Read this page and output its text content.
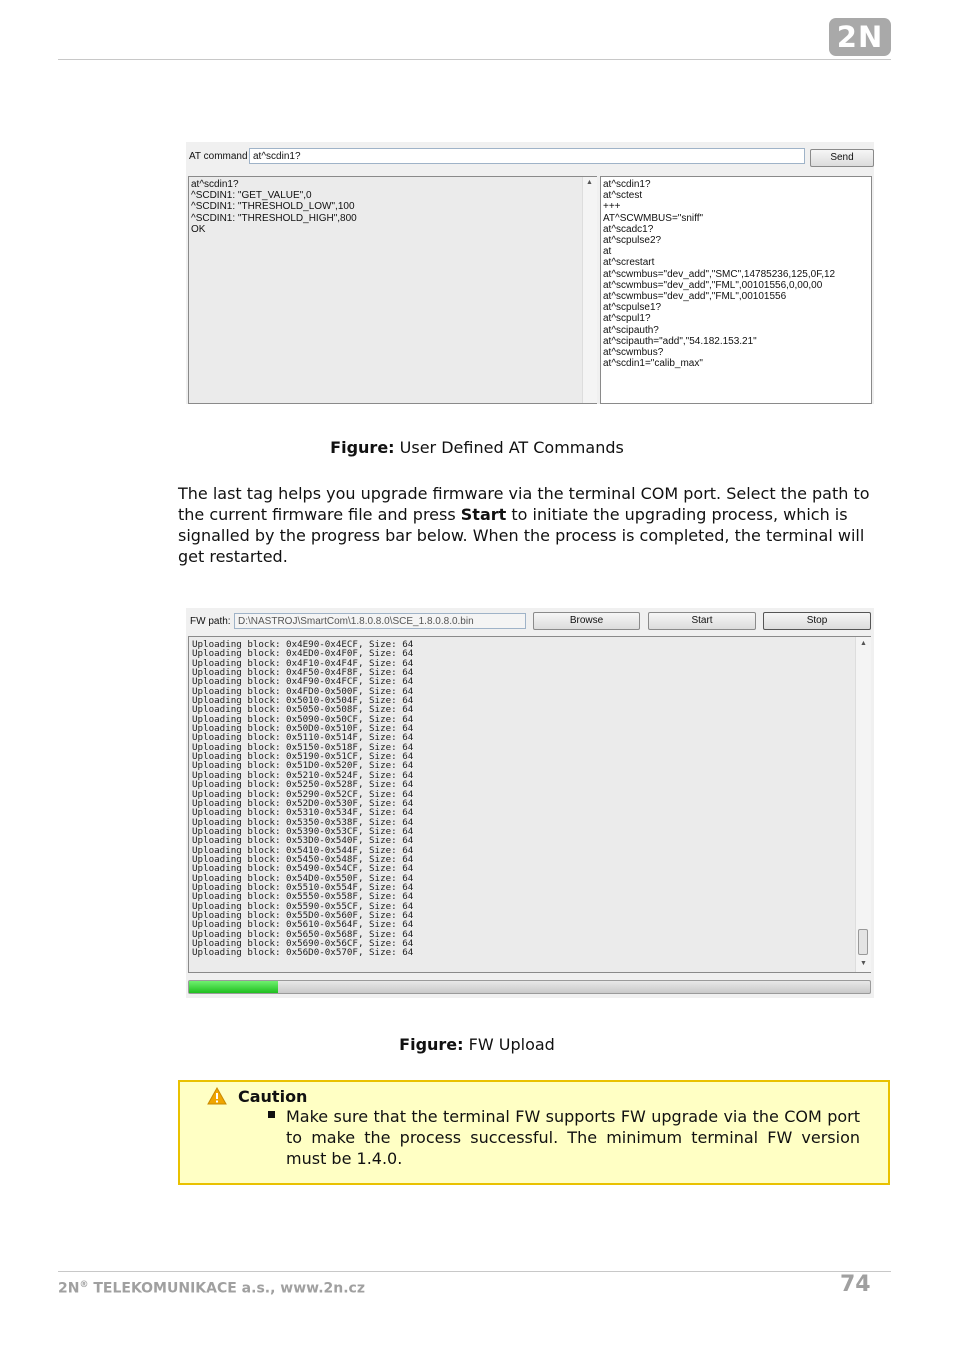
2N
AT command at^scdin1?	Send
at^scdin1?
^SCDIN1: "GET_VALUE",0
^SCDIN1: "THRESHOLD_LOW",100
^SCDIN1: "THRESHOLD_HIGH",800
OK
▲	at^scdin1?
at^sctest
+++
AT^SCWMBUS="sniff"
at^scadc1?
at^scpulse2?
at
at^screstart
at^scwmbus="dev_add","SMC",14785236,125,0F,12
at^scwmbus="dev_add","FML",00101556,0,00,00
at^scwmbus="dev_add","FML",00101556
at^scpulse1?
at^scpul1?
at^scipauth?
at^scipauth="add","54.182.153.21"
at^scwmbus?
at^scdin1="calib_max"
Figure: User Defined AT Commands
The last tag helps you upgrade firmware via the terminal COM port. Select the path to the current firmware file and press Start to initiate the upgrading process, which is signalled by the progress bar below. When the process is completed, the terminal will get restarted.
FW path: D:\NASTROJ\SmartCom\1.8.0.8.0\SCE_1.8.0.8.0.bin	Browse	Start	Stop
Uploading block: 0x4E90-0x4ECF, Size: 64
Uploading block: 0x4ED0-0x4F0F, Size: 64
Uploading block: 0x4F10-0x4F4F, Size: 64
Uploading block: 0x4F50-0x4F8F, Size: 64
Uploading block: 0x4F90-0x4FCF, Size: 64
Uploading block: 0x4FD0-0x500F, Size: 64
Uploading block: 0x5010-0x504F, Size: 64
Uploading block: 0x5050-0x508F, Size: 64
Uploading block: 0x5090-0x50CF, Size: 64
Uploading block: 0x50D0-0x510F, Size: 64
Uploading block: 0x5110-0x514F, Size: 64
Uploading block: 0x5150-0x518F, Size: 64
Uploading block: 0x5190-0x51CF, Size: 64
Uploading block: 0x51D0-0x520F, Size: 64
Uploading block: 0x5210-0x524F, Size: 64
Uploading block: 0x5250-0x528F, Size: 64
Uploading block: 0x5290-0x52CF, Size: 64
Uploading block: 0x52D0-0x530F, Size: 64
Uploading block: 0x5310-0x534F, Size: 64
Uploading block: 0x5350-0x538F, Size: 64
Uploading block: 0x5390-0x53CF, Size: 64
Uploading block: 0x53D0-0x540F, Size: 64
Uploading block: 0x5410-0x544F, Size: 64
Uploading block: 0x5450-0x548F, Size: 64
Uploading block: 0x5490-0x54CF, Size: 64
Uploading block: 0x54D0-0x550F, Size: 64
Uploading block: 0x5510-0x554F, Size: 64
Uploading block: 0x5550-0x558F, Size: 64
Uploading block: 0x5590-0x55CF, Size: 64
Uploading block: 0x55D0-0x560F, Size: 64
Uploading block: 0x5610-0x564F, Size: 64
Uploading block: 0x5650-0x568F, Size: 64
Uploading block: 0x5690-0x56CF, Size: 64
Uploading block: 0x56D0-0x570F, Size: 64
▲
▼
Figure: FW Upload
Caution
Make sure that the terminal FW supports FW upgrade via the COM port to make the process successful. The minimum terminal FW version must be 1.4.0.
2N® TELEKOMUNIKACE a.s., www.2n.cz	74
